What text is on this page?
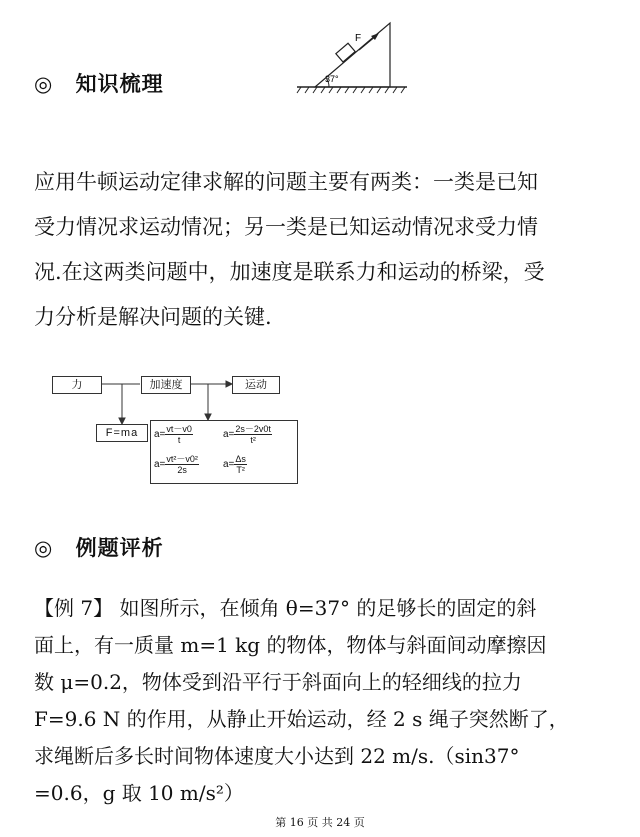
F
37°
◎ 知识梳理

应用牛顿运动定律求解的问题主要有两类：一类是已知

受力情况求运动情况；另一类是已知运动情况求受力情

况.在这两类问题中，加速度是联系力和运动的桥梁，受

力分析是解决问题的关键.

力	加速度	运动
F=ma	$a= \frac{vt-v0}{t}$	$a= \frac{2s-2v0t}{\text{t²}}$
$a= \frac{\text{vt²－v0²}}{2s} a= \frac{\Delta s}{\text{T²}}$
◎ 例题评析

【例 7】 如图所示，在倾角 θ=37° 的足够长的固定的斜

面上，有一质量 m=1 kg 的物体，物体与斜面间动摩擦因

数 μ=0.2，物体受到沿平行于斜面向上的轻细线的拉力

F=9.6 N 的作用，从静止开始运动，经 2 s 绳子突然断了，

求绳断后多长时间物体速度大小达到 22 m/s.（sin37°

=0.6，g 取 10 m/s²）

第 16 页 共 24 页
